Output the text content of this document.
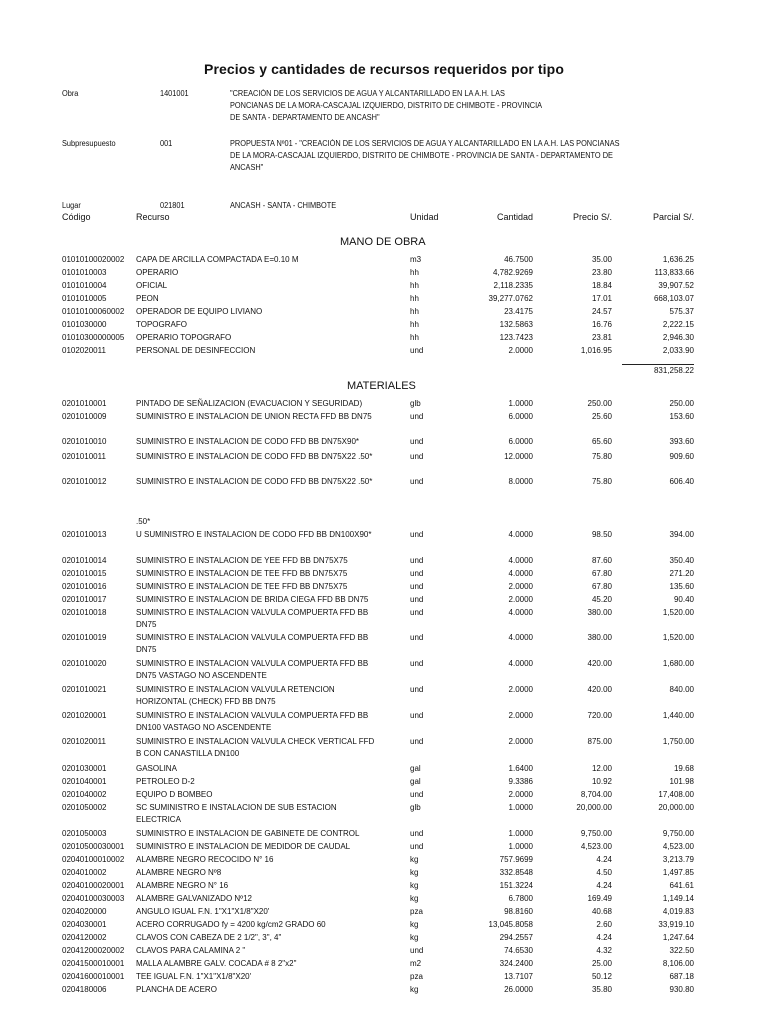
Precios y cantidades de recursos requeridos por tipo
Obra	1401001	"CREACIÓN DE LOS SERVICIOS DE AGUA Y ALCANTARILLADO EN LA A.H. LAS
PONCIANAS DE LA MORA-CASCAJAL IZQUIERDO, DISTRITO DE CHIMBOTE - PROVINCIA
DE SANTA - DEPARTAMENTO DE ANCASH"
Subpresupuesto	001	PROPUESTA Nº01 - "CREACIÓN DE LOS SERVICIOS DE AGUA Y ALCANTARILLADO EN LA A.H. LAS PONCIANAS
DE LA MORA-CASCAJAL IZQUIERDO, DISTRITO DE CHIMBOTE - PROVINCIA DE SANTA - DEPARTAMENTO DE
ANCASH"
Lugar	021801	ANCASH - SANTA - CHIMBOTE
Código	Recurso	Unidad	Cantidad	Precio S/.	Parcial S/.
MANO DE OBRA
01010100020002 CAPA DE ARCILLA COMPACTADA E=0.10 M	m3	46.7500	35.00	1,636.25
0101010003	OPERARIO	hh	4,782.9269	23.80	113,833.66
0101010004	OFICIAL	hh	2,118.2335	18.84	39,907.52
0101010005	PEON	hh	39,277.0762	17.01	668,103.07
01010100060002 OPERADOR DE EQUIPO LIVIANO	hh	23.4175	24.57	575.37
0101030000	TOPOGRAFO	hh	132.5863	16.76	2,222.15
01010300000005 OPERARIO TOPOGRAFO	hh	123.7423	23.81	2,946.30
0102020011	PERSONAL DE DESINFECCION	und	2.0000	1,016.95	2,033.90
831,258.22
MATERIALES
0201010001	PINTADO DE SEÑALIZACION (EVACUACION Y SEGURIDAD)	glb	1.0000	250.00	250.00
0201010009	SUMINISTRO E INSTALACION DE UNION RECTA FFD BB DN75	und	6.0000	25.60	153.60
0201010010	SUMINISTRO E INSTALACION DE CODO FFD BB DN75X90*	und	6.0000	65.60	393.60
0201010011	SUMINISTRO E INSTALACION DE CODO FFD BB DN75X22 .50*	und	12.0000	75.80	909.60
0201010012	SUMINISTRO E INSTALACION DE CODO FFD BB DN75X22 .50*	und	8.0000	75.80	606.40
0201010013	U SUMINISTRO E INSTALACION DE CODO FFD BB DN100X90*	und	4.0000	98.50	394.00
0201010014	SUMINISTRO E INSTALACION DE YEE FFD BB DN75X75	und	4.0000	87.60	350.40
0201010015	SUMINISTRO E INSTALACION DE TEE FFD BB DN75X75	und	4.0000	67.80	271.20
0201010016	SUMINISTRO E INSTALACION DE TEE FFD BB DN75X75	und	2.0000	67.80	135.60
0201010017	SUMINISTRO E INSTALACION DE BRIDA CIEGA FFD BB DN75	und	2.0000	45.20	90.40
0201010018	SUMINISTRO E INSTALACION VALVULA COMPUERTA FFD BB DN75
und	4.0000	380.00	1,520.00
0201010019	SUMINISTRO E INSTALACION VALVULA COMPUERTA FFD BB DN75
und	4.0000	380.00	1,520.00
0201010020	SUMINISTRO E INSTALACION VALVULA COMPUERTA FFD BB DN75 VASTAGO NO ASCENDENTE
und	4.0000	420.00	1,680.00
0201010021	SUMINISTRO E INSTALACION VALVULA RETENCION HORIZONTAL (CHECK) FFD BB DN75
und	2.0000	420.00	840.00
0201020001	SUMINISTRO E INSTALACION VALVULA COMPUERTA FFD BB DN100 VASTAGO NO ASCENDENTE
und	2.0000	720.00	1,440.00
0201020011	SUMINISTRO E INSTALACION VALVULA CHECK VERTICAL FFD B CON CANASTILLA DN100
und	2.0000	875.00	1,750.00
0201030001	GASOLINA	gal	1.6400	12.00	19.68
0201040001	PETROLEO D-2	gal	9.3386	10.92	101.98
0201040002	EQUIPO D BOMBEO	und	2.0000	8,704.00	17,408.00
0201050002	SC SUMINISTRO E INSTALACION DE SUB ESTACION ELECTRICA
glb	1.0000	20,000.00	20,000.00
0201050003	SUMINISTRO E INSTALACION DE GABINETE DE CONTROL	und	1.0000	9,750.00	9,750.00
02010500030001 SUMINISTRO E INSTALACION DE MEDIDOR DE CAUDAL	und	1.0000	4,523.00	4,523.00
02040100010002 ALAMBRE NEGRO RECOCIDO N° 16	kg	757.9699	4.24	3,213.79
0204010002	ALAMBRE NEGRO Nº8	kg	332.8548	4.50	1,497.85
02040100020001 ALAMBRE NEGRO N° 16	kg	151.3224	4.24	641.61
02040100030003 ALAMBRE GALVANIZADO Nº12	kg	6.7800	169.49	1,149.14
0204020000	ANGULO IGUAL F.N. 1"X1"X1/8"X20'	pza	98.8160	40.68	4,019.83
0204030001	ACERO CORRUGADO fy = 4200 kg/cm2 GRADO 60	kg	13,045.8058	2.60	33,919.10
0204120002	CLAVOS CON CABEZA DE 2 1/2", 3", 4"	kg	294.2557	4.24	1,247.64
02041200020002 CLAVOS PARA CALAMINA 2 "	und	74.6530	4.32	322.50
02041500010001 MALLA ALAMBRE GALV. COCADA # 8 2"x2"	m2	324.2400	25.00	8,106.00
02041600010001 TEE IGUAL F.N. 1"X1"X1/8"X20'	pza	13.7107	50.12	687.18
0204180006	PLANCHA DE ACERO	kg	26.0000	35.80	930.80
.50*
